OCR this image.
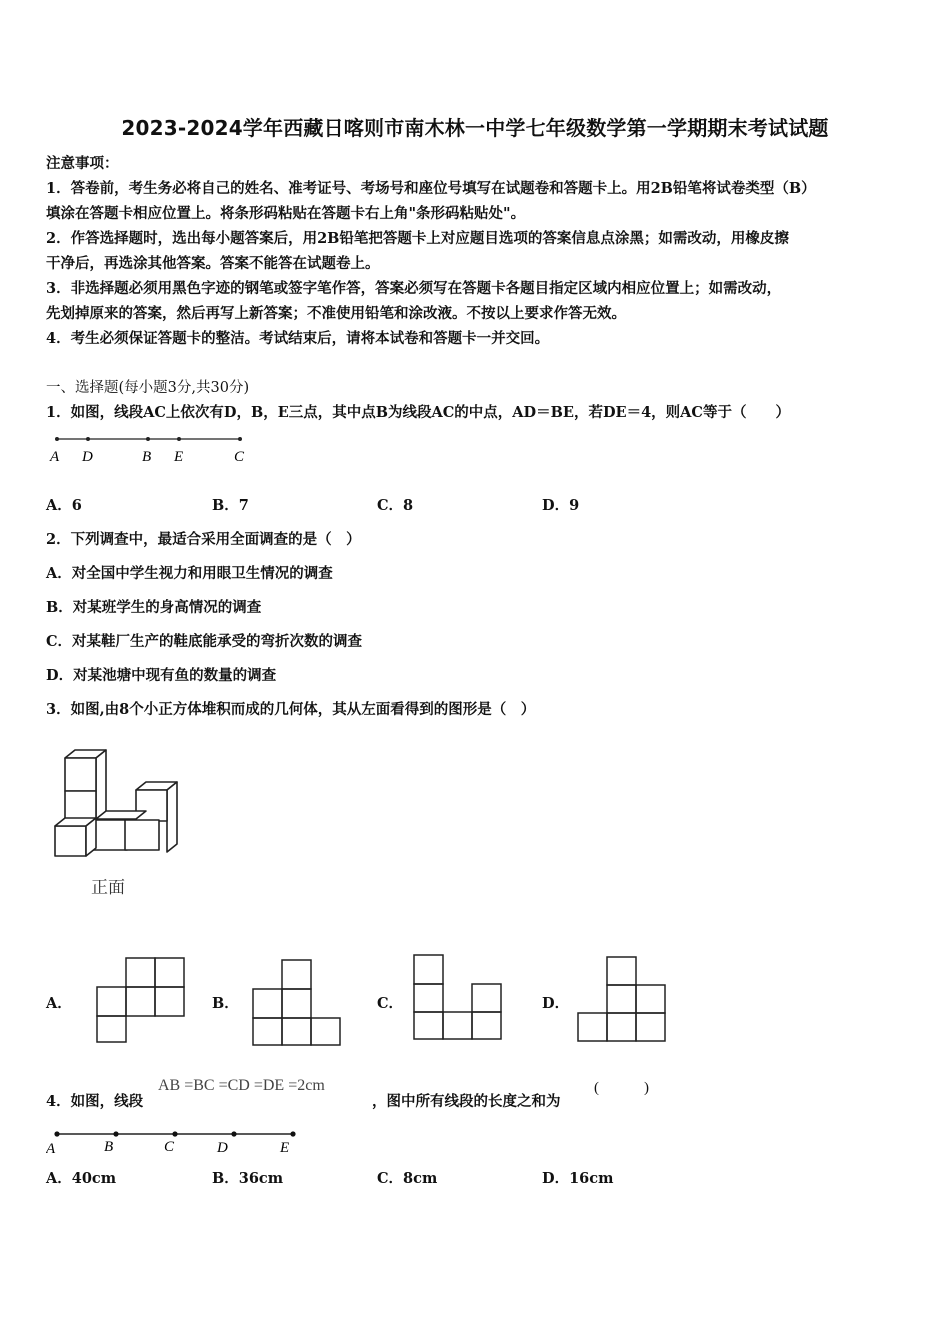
2023-2024学年西藏日喀则市南木林一中学七年级数学第一学期期末考试试题
注意事项：
1．答卷前，考生务必将自己的姓名、准考证号、考场号和座位号填写在试题卷和答题卡上。用2B铅笔将试卷类型（B）
填涂在答题卡相应位置上。将条形码粘贴在答题卡右上角"条形码粘贴处"。
2．作答选择题时，选出每小题答案后，用2B铅笔把答题卡上对应题目选项的答案信息点涂黑；如需改动，用橡皮擦
干净后，再选涂其他答案。答案不能答在试题卷上。
3．非选择题必须用黑色字迹的钢笔或签字笔作答，答案必须写在答题卡各题目指定区域内相应位置上；如需改动，
先划掉原来的答案，然后再写上新答案；不准使用铅笔和涂改液。不按以上要求作答无效。
4．考生必须保证答题卡的整洁。考试结束后，请将本试卷和答题卡一并交回。
一、选择题(每小题3分,共30分)
1．如图，线段AC上依次有D，B，E三点，其中点B为线段AC的中点，AD＝BE，若DE＝4，则AC等于（　　）
A D	B E	C
A．6	B．7	C．8	D．9
2．下列调查中，最适合采用全面调查的是（　）
A．对全国中学生视力和用眼卫生情况的调查
B．对某班学生的身高情况的调查
C．对某鞋厂生产的鞋底能承受的弯折次数的调查
D．对某池塘中现有鱼的数量的调查
3．如图,由8个小正方体堆积而成的几何体，其从左面看得到的图形是（　）
正面
A．	B．	C．	D．
4．如图，线段
AB =BC =CD =DE =2cm
，图中所有线段的长度之和为
(　　　)
A	B	C	D	E
A．40cm	B．36cm	C．8cm	D．16cm
